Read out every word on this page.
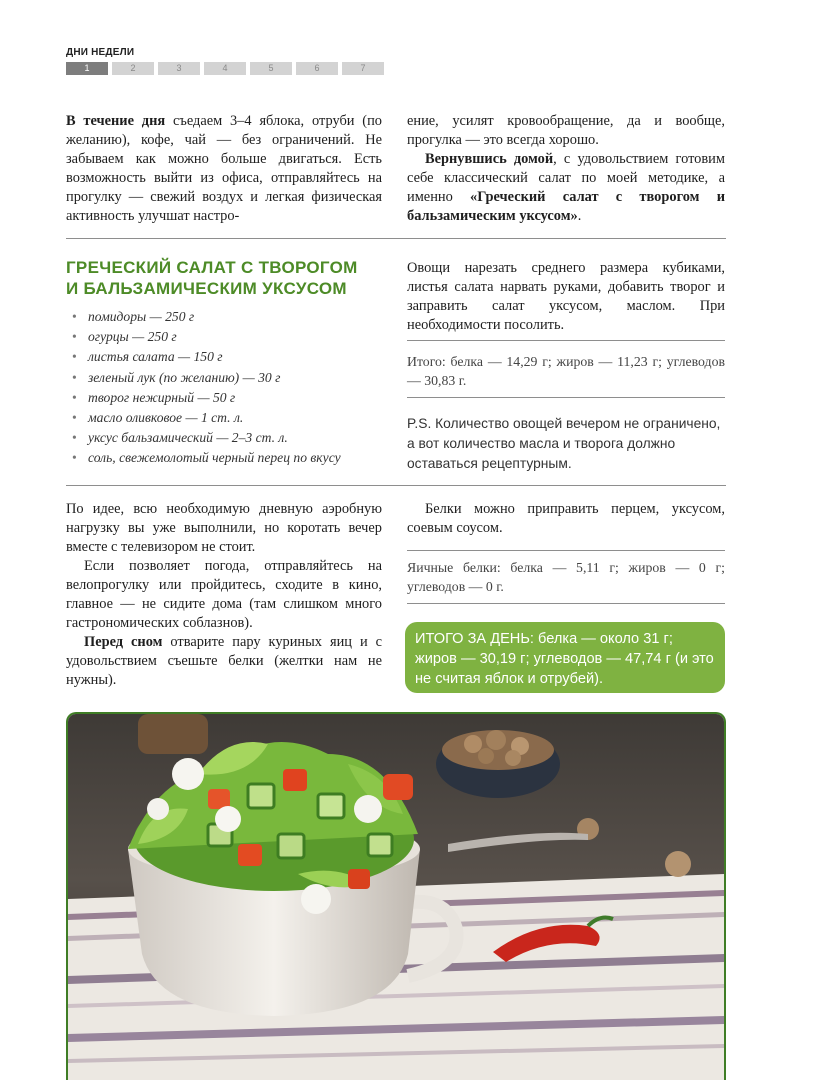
ДНИ НЕДЕЛИ
1	2	3	4	5	6	7

В течение дня съедаем 3–4 яблока, отруби (по желанию), кофе, чай — без ограничений. Не забываем как можно больше двигаться. Есть возможность выйти из офиса, отправляйтесь на прогулку — свежий воздух и легкая физическая активность улучшат настро-

ение, усилят кровообращение, да и вообще, прогулка — это всегда хорошо.

Вернувшись домой, с удовольствием готовим себе классический салат по моей методике, а именно «Греческий салат с творогом и бальзамическим уксусом».

ГРЕЧЕСКИЙ САЛАТ С ТВОРОГОМ
И БАЛЬЗАМИЧЕСКИМ УКСУСОМ
• помидоры — 250 г
• огурцы — 250 г
• листья салата — 150 г
• зеленый лук (по желанию) — 30 г
• творог нежирный — 50 г
• масло оливковое — 1 ст. л.
• уксус бальзамический — 2–3 ст. л.
• соль, свежемолотый черный перец по вкусу

Овощи нарезать среднего размера кубиками, листья салата нарвать руками, добавить творог и заправить салат уксусом, маслом. При необходимости посолить.

Итого: белка — 14,29 г; жиров — 11,23 г; углеводов — 30,83 г.

P.S. Количество овощей вечером не ограничено, а вот количество масла и творога должно оставаться рецептурным.

По идее, всю необходимую дневную аэробную нагрузку вы уже выполнили, но коротать вечер вместе с телевизором не стоит.

Если позволяет погода, отправляйтесь на велопрогулку или пройдитесь, сходите в кино, главное — не сидите дома (там слишком много гастрономических соблазнов).

Перед сном отварите пару куриных яиц и с удовольствием съешьте белки (желтки нам не нужны).

Белки можно приправить перцем, уксусом, соевым соусом.

Яичные белки: белка — 5,11 г; жиров — 0 г; углеводов — 0 г.

ИТОГО ЗА ДЕНЬ: белка — около 31 г; жиров — 30,19 г; углеводов — 47,74 г (и это не считая яблок и отрубей).
